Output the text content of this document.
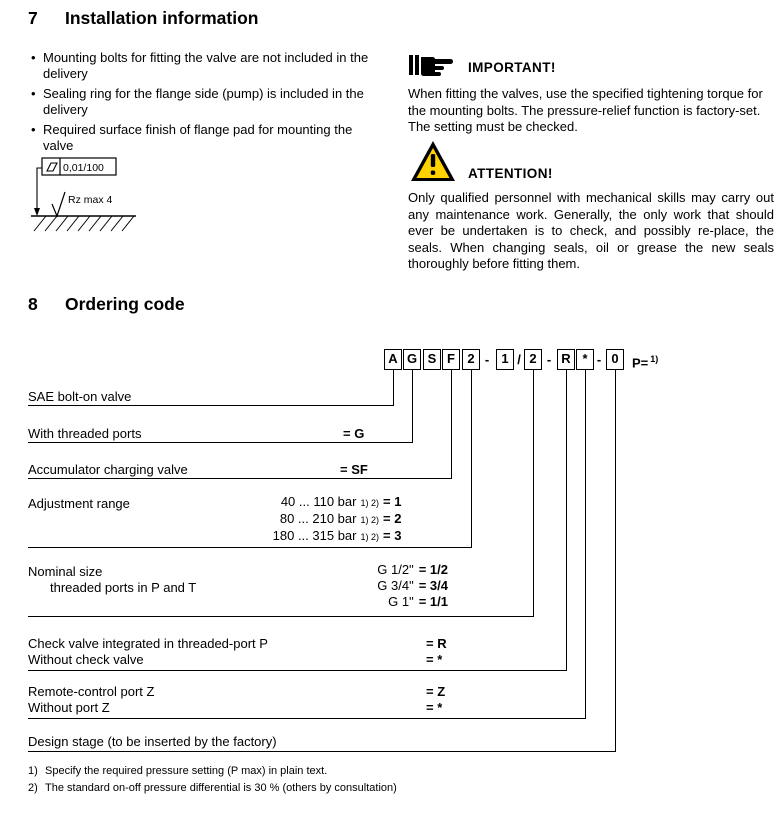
7	Installation information
• Mounting bolts for fitting the valve are not included in the delivery
• Sealing ring for the flange side (pump) is included in the delivery
• Required surface finish of flange pad for mounting the valve
0,01/100
Rz max 4
IMPORTANT!
When fitting the valves, use the specified tightening torque for the mounting bolts. The pressure-relief function is factory-set. The setting must be checked.
ATTENTION!
Only qualified personnel with mechanical skills may carry out any maintenance work. Generally, the only work that should ever be undertaken is to check, and possibly re-place, the seals. When changing seals, oil or grease the new seals thoroughly before fitting them.
8	Ordering code
A G S F 2 - 1 / 2 - R * - 0	P= $^{1)}$
SAE bolt-on valve
With threaded ports	= G
Accumulator charging valve	= SF
Adjustment range	40 ... 110 bar 1) 2) = 1
80 ... 210 bar 1) 2) = 2
180 ... 315 bar 1) 2) = 3
Nominal size
threaded ports in P and T
G 1/2" = 1/2
G 3/4" = 3/4
G 1" = 1/1
Check valve integrated in threaded-port P	= R
Without check valve	= *
Remote-control port Z	= Z
Without port Z	= *
Design stage (to be inserted by the factory)
1) Specify the required pressure setting (P max) in plain text.
2) The standard on-off pressure differential is 30 % (others by consultation)
